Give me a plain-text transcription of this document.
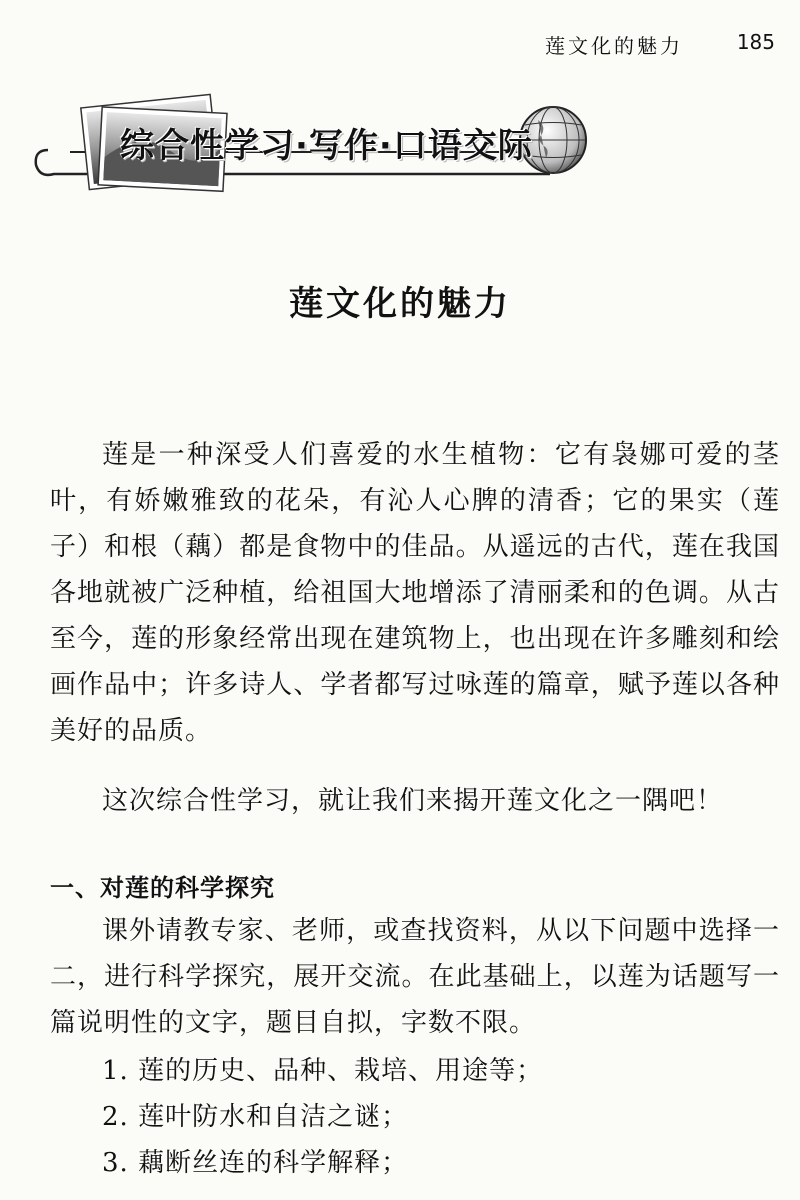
莲文化的魅力	185
综合性学习·写作·口语交际
莲文化的魅力

莲是一种深受人们喜爱的水生植物：它有袅娜可爱的茎叶，有娇嫩雅致的花朵，有沁人心脾的清香；它的果实（莲子）和根（藕）都是食物中的佳品。从遥远的古代，莲在我国各地就被广泛种植，给祖国大地增添了清丽柔和的色调。从古至今，莲的形象经常出现在建筑物上，也出现在许多雕刻和绘画作品中；许多诗人、学者都写过咏莲的篇章，赋予莲以各种美好的品质。

这次综合性学习，就让我们来揭开莲文化之一隅吧！

一、对莲的科学探究

课外请教专家、老师，或查找资料，从以下问题中选择一二，进行科学探究，展开交流。在此基础上，以莲为话题写一篇说明性的文字，题目自拟，字数不限。

1. 莲的历史、品种、栽培、用途等；
2. 莲叶防水和自洁之谜；
3. 藕断丝连的科学解释；
